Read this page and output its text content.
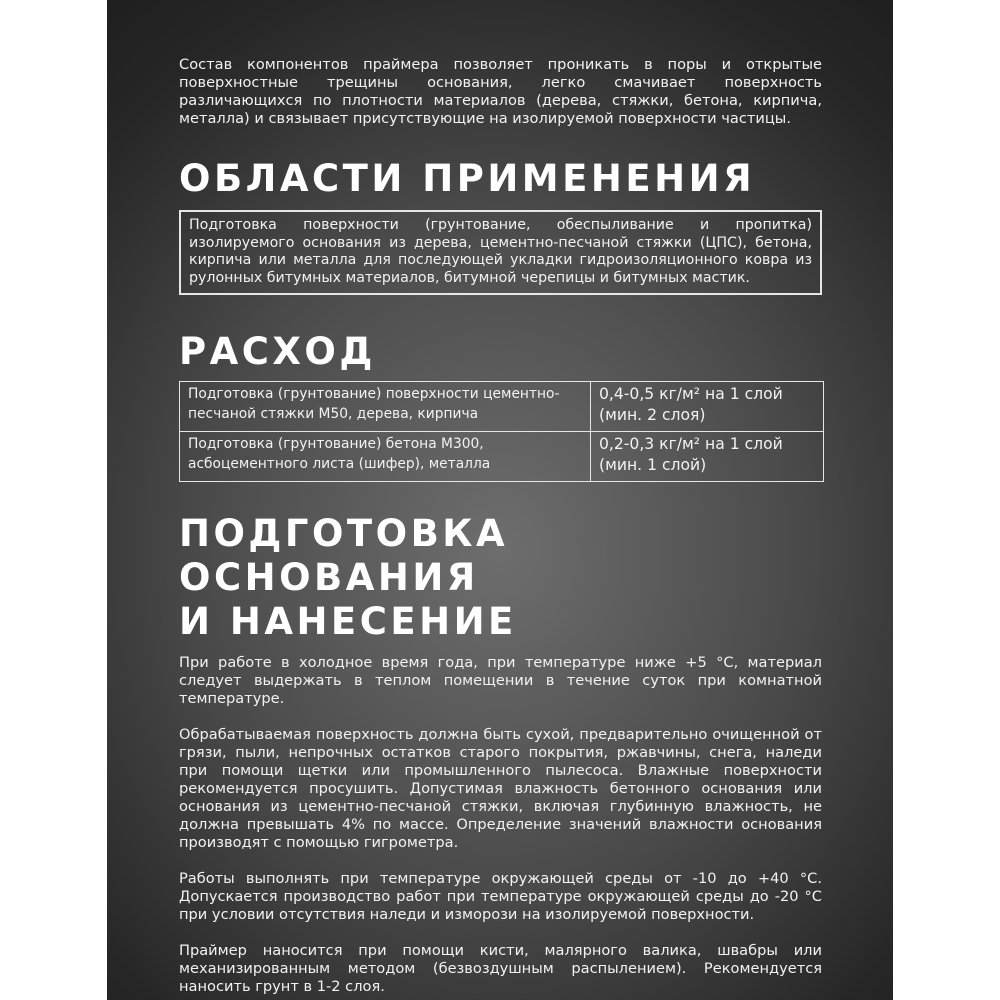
Состав компонентов праймера позволяет проникать в поры и открытые поверхностные трещины основания, легко смачивает поверхность различающихся по плотности материалов (дерева, стяжки, бетона, кирпича, металла) и связывает присутствующие на изолируемой поверхности частицы.

ОБЛАСТИ ПРИМЕНЕНИЯ

Подготовка поверхности (грунтование, обеспыливание и пропитка) изолируемого основания из дерева, цементно-песчаной стяжки (ЦПС), бетона, кирпича или металла для последующей укладки гидроизоляционного ковра из рулонных битумных материалов, битумной черепицы и битумных мастик.

РАСХОД
Подготовка (грунтование) поверхности цементно-песчаной стяжки М50, дерева, кирпича	0,4-0,5 кг/м² на 1 слой
(мин. 2 слоя)

Подготовка (грунтование) бетона М300, асбоцементного листа (шифер), металла	0,2-0,3 кг/м² на 1 слой
(мин. 1 слой)
ПОДГОТОВКА ОСНОВАНИЯ
И НАНЕСЕНИЕ

При работе в холодное время года, при температуре ниже +5 °С, материал следует выдержать в теплом помещении в течение суток при комнатной температуре.

Обрабатываемая поверхность должна быть сухой, предварительно очищенной от грязи, пыли, непрочных остатков старого покрытия, ржавчины, снега, наледи при помощи щетки или промышленного пылесоса. Влажные поверхности рекомендуется просушить. Допустимая влажность бетонного основания или основания из цементно-песчаной стяжки, включая глубинную влажность, не должна превышать 4% по массе. Определение значений влажности основания производят с помощью гигрометра.

Работы выполнять при температуре окружающей среды от -10 до +40 °С. Допускается производство работ при температуре окружающей среды до -20 °С при условии отсутствия наледи и изморози на изолируемой поверхности.

Праймер наносится при помощи кисти, малярного валика, швабры или механизированным методом (безвоздушным распылением). Рекомендуется наносить грунт в 1-2 слоя.
